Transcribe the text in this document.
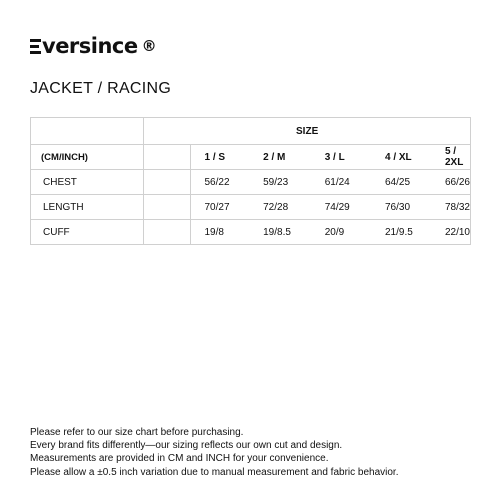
versince ®
JACKET / RACING
	SIZE					
(CM/INCH)		1 / S	2 / M	3 / L	4 / XL	5 / 2XL
CHEST		56/22	59/23	61/24	64/25	66/26
LENGTH		70/27	72/28	74/29	76/30	78/32
CUFF		19/8	19/8.5	20/9	21/9.5	22/10
Please refer to our size chart before purchasing.
Every brand fits differently—our sizing reflects our own cut and design.
Measurements are provided in CM and INCH for your convenience.
Please allow a ±0.5 inch variation due to manual measurement and fabric behavior.
